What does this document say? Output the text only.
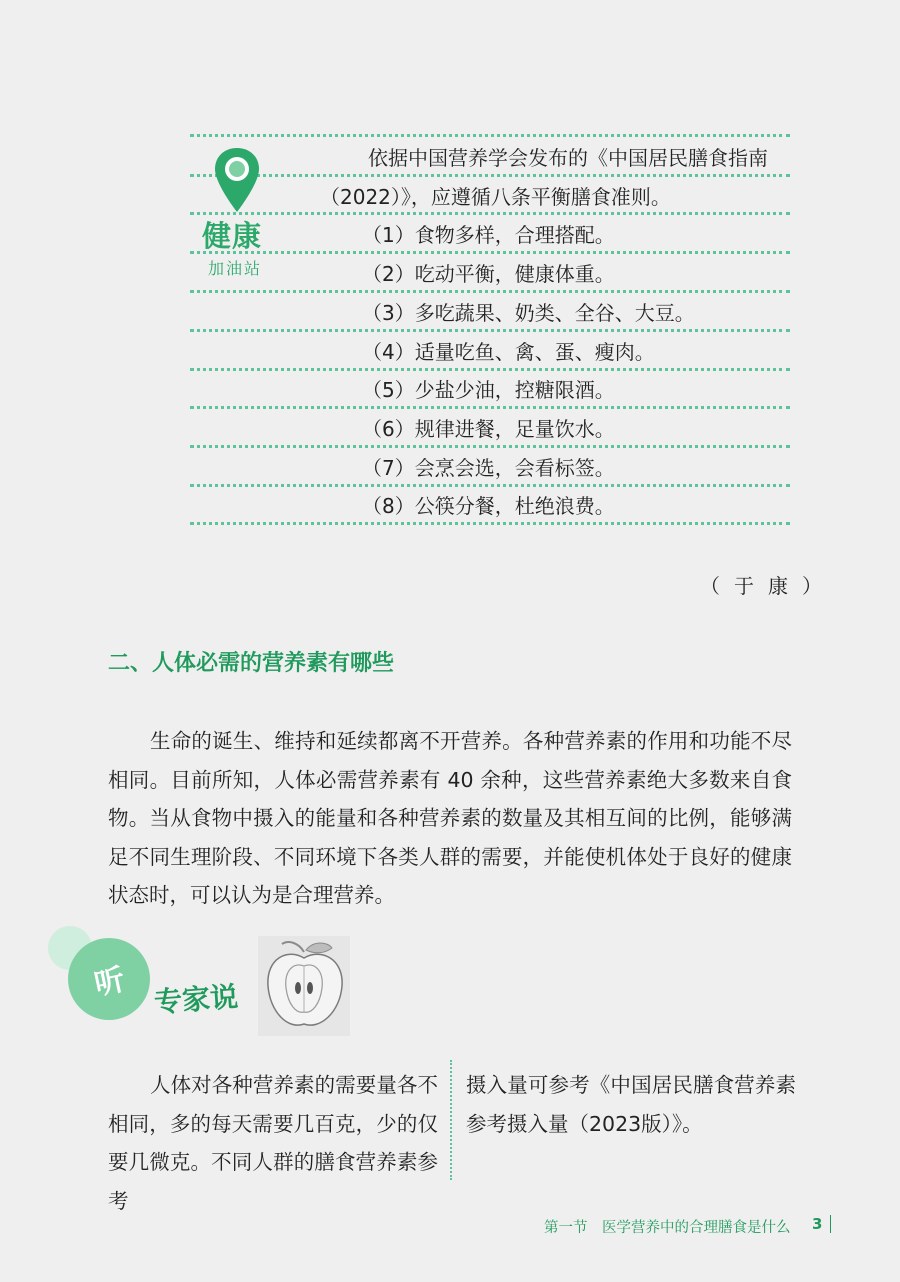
健康
加油站
依据中国营养学会发布的《中国居民膳食指南
（2022）》，应遵循八条平衡膳食准则。
（1）食物多样，合理搭配。
（2）吃动平衡，健康体重。
（3）多吃蔬果、奶类、全谷、大豆。
（4）适量吃鱼、禽、蛋、瘦肉。
（5）少盐少油，控糖限酒。
（6）规律进餐，足量饮水。
（7）会烹会选，会看标签。
（8）公筷分餐，杜绝浪费。
（于康）
二、人体必需的营养素有哪些
生命的诞生、维持和延续都离不开营养。各种营养素的作用和功能不尽相同。目前所知，人体必需营养素有 40 余种，这些营养素绝大多数来自食物。当从食物中摄入的能量和各种营养素的数量及其相互间的比例，能够满足不同生理阶段、不同环境下各类人群的需要，并能使机体处于良好的健康状态时，可以认为是合理营养。
听 专家说
人体对各种营养素的需要量各不相同，多的每天需要几百克，少的仅要几微克。不同人群的膳食营养素参考
摄入量可参考《中国居民膳食营养素参考摄入量（2023版）》。
第一节　医学营养中的合理膳食是什么 3
